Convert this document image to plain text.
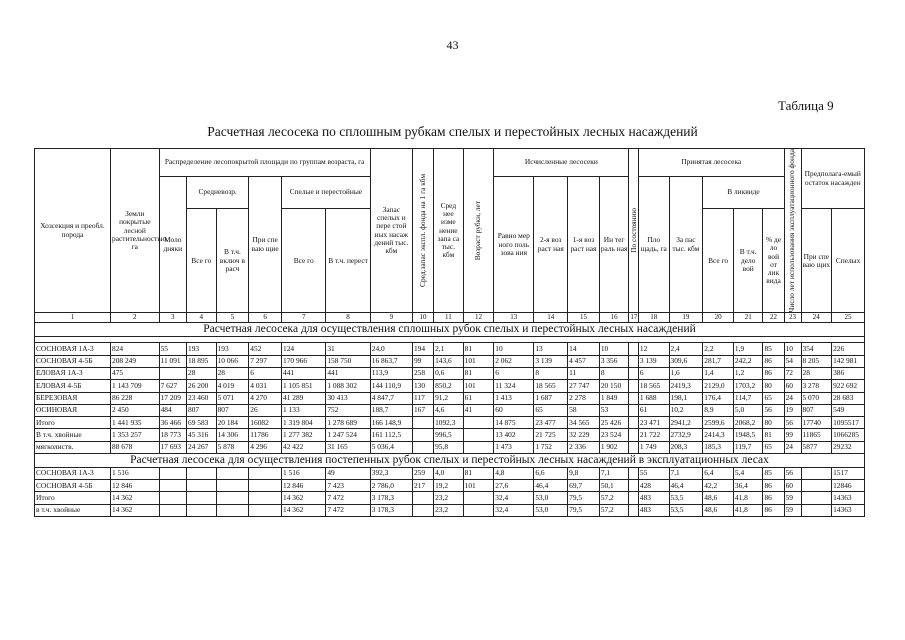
43
Таблица 9
Расчетная лесосека по сплошным рубкам спелых и перестойных лесных насаждений
Хозсекция и преобл. порода	Земли покрытые лесной растительностью, га	Распределение лесопокрытой площади по группам возраста, га						Запас спелых и пере стой ных насаж дений тыс. кбм	Сред.запас экспл. фонда на 1 га кбм	Сред нее изме нение запа са тыс. кбм	Возраст рубки, лет	Исчисленные лесосеки				По состоянию	Принятая лесосека					Число лет использования эксплуатационного фонда	Предполага-емый остаток насажден	
		Моло дняки	Средневозр.		При спе ваю щие	Спелые и перестойные						Равно мер ного поль зова ния	2-я воз раст ная	1-я воз раст ная	Ин тег раль ная		Пло щадь, га	За пас тыс. кбм	В ликвиде					
			Все го	В т.ч. включ в расч		Все го	В т.ч. перест												Все го	В т.ч. дело вой	% де ло вой от лик вида		При спе ваю щих	Спелых

1	2	3	4	5	6	7	8	9	10	11	12	13	14	15	16	17	18	19	20	21	22	23	24	25
Расчетная лесосека для осуществления сплошных рубок спелых и перестойных лесных насаждений																								

СОСНОВАЯ 1А-3	824	55	193	193	452	124	31	24,0	194	2,1	81	10	13	14	10		12	2,4	2,2	1,9	85	10	354	226
СОСНОВАЯ 4-5Б	208 249	11 091	18 895	10 066	7 297	170 966	158 750	16 863,7	99	143,6	101	2 062	3 139	4 457	3 356		3 139	309,6	281,7	242,2	86	54	8 205	142 981
ЕЛОВАЯ 1А-3	475		28	28	6	441	441	113,9	258	0,6	81	6	8	11	8		6	1,6	1,4	1,2	86	72	28	386
ЕЛОВАЯ 4-5Б	1 143 709	7 627	26 200	4 019	4 031	1 105 851	1 088 302	144 110,9	130	850,2	101	11 324	18 565	27 747	20 150		18 565	2419,3	2129,0	1703,2	80	60	3 278	922 692
БЕРЕЗОВАЯ	86 228	17 209	23 460	5 071	4 270	41 289	30 413	4 847,7	117	91,2	61	1 413	1 687	2 278	1 849		1 688	198,1	176,4	114,7	65	24	5 070	28 683
ОСИНОВАЯ	2 450	484	807	807	26	1 133	752	188,7	167	4,6	41	60	65	58	53		61	10,2	8,9	5,0	56	19	807	549
Итого	1 441 935	36 466	69 583	20 184	16082	1 319 804	1 278 689	166 148,9		1092,3		14 875	23 477	34 565	25 426		23 471	2941,2	2599,6	2068,2	80	56	17740	1095517
В т.ч. хвойные	1 353 257	18 773	45 316	14 306	11786	1 277 382	1 247 524	161 112,5		996,5		13 402	21 725	32 229	23 524		21 722	2732,9	2414,3	1948,5	81	99	11865	1066285
мягколиств.	88 678	17 693	24 267	5 878	4 296	42 422	31 165	5 036,4		95,8		1 473	1 752	2 336	1 902		1 749	208,3	185,3	119,7	65	24	5877	29232
Расчетная лесосека для осуществления постепенных рубок спелых и перестойных лесных насаждений в эксплуатационных лесах																								
СОСНОВАЯ 1А-3	1 516					1 516	49	392,3	259	4,0	81	4,8	6,6	9,8	7,1		55	7,1	6,4	5,4	85	56		1517
СОСНОВАЯ 4-5Б	12 846					12 846	7 423	2 786,0	217	19,2	101	27,6	46,4	69,7	50,1		428	46,4	42,2	36,4	86	60		12846
Итого	14 362					14 362	7 472	3 178,3		23,2		32,4	53,0	79,5	57,2		483	53,5	48,6	41,8	86	59		14363
в т.ч. хвойные	14 362					14 362	7 472	3 178,3		23,2		32,4	53,0	79,5	57,2		483	53,5	48,6	41,8	86	59		14363
